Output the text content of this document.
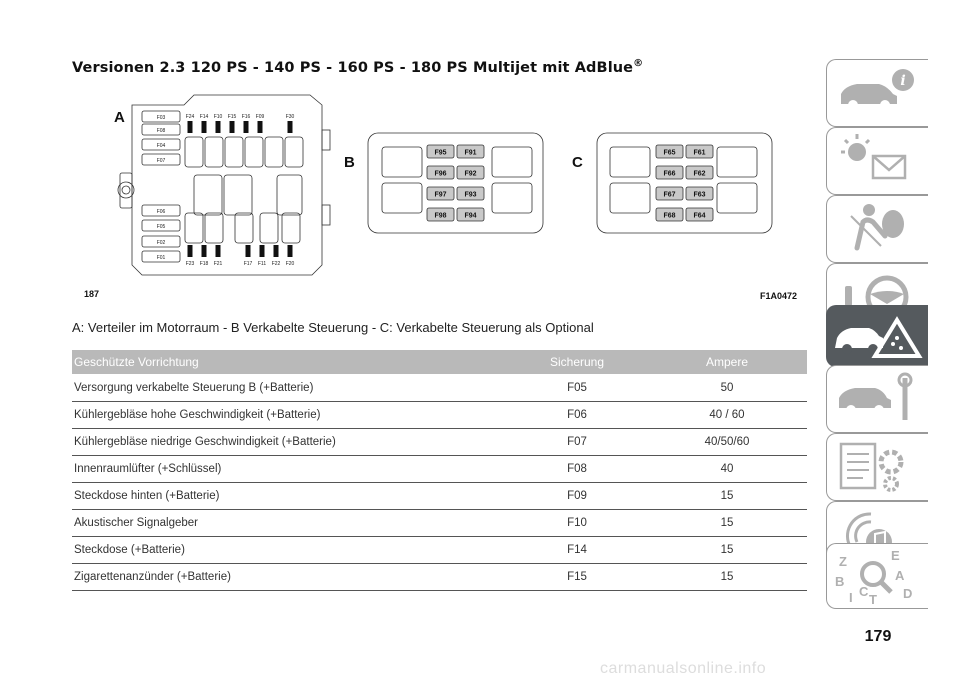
Versionen 2.3 120 PS - 140 PS - 160 PS - 180 PS Multijet mit AdBlue®
A	F03
F08
F04
F07
F06
F05
F02
F01
F24 F14 F10 F15 F16 F09	F30
F23 F18 F21	F17 F11 F22 F20
B
F95	F91
F96	F92
F97	F93
F98	F94
C
F65	F61
F66	F62
F67	F63
F68	F64
187	F1A0472
A: Verteiler im Motorraum - B Verkabelte Steuerung - C: Verkabelte Steuerung als Optional
Geschützte Vorrichtung	Sicherung	Ampere
Versorgung verkabelte Steuerung B (+Batterie)	F05	50
Kühlergebläse hohe Geschwindigkeit (+Batterie)	F06	40 / 60
Kühlergebläse niedrige Geschwindigkeit (+Batterie)	F07	40/50/60
Innenraumlüfter (+Schlüssel)	F08	40
Steckdose hinten (+Batterie)	F09	15
Akustischer Signalgeber	F10	15
Steckdose (+Batterie)	F14	15
Zigarettenanzünder (+Batterie)	F15	15
i
Z	E
B	A
I C
T D
179
carmanualsonline.info
